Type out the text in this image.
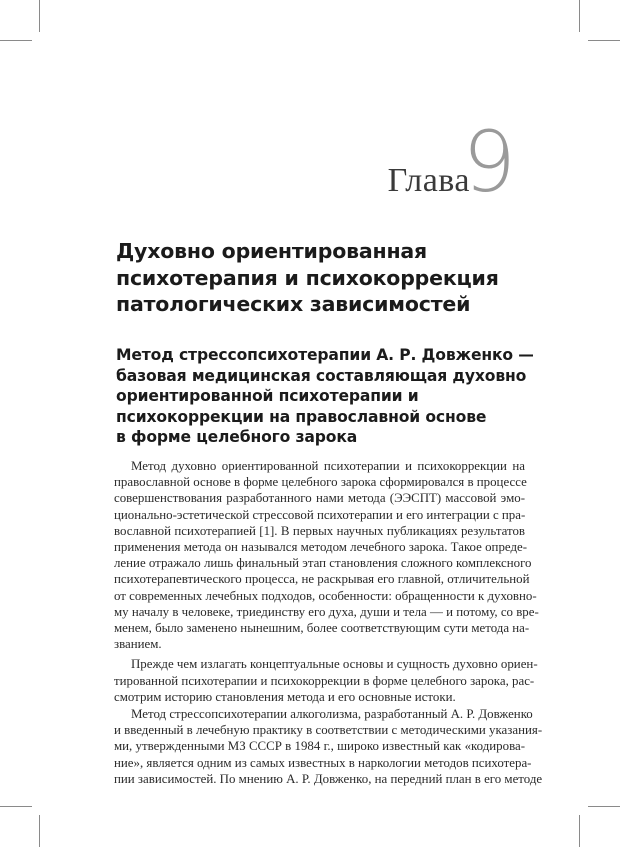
Глава
9
Духовно ориентированная
психотерапия и психокоррекция
патологических зависимостей
Метод стрессопсихотерапии А. Р. Довженко —
базовая медицинская составляющая духовно
ориентированной психотерапии и
психокоррекции на православной основе
в форме целебного зарока

Метод духовно ориентированной психотерапии и психокоррекции на
православной основе в форме целебного зарока сформировался в процессе
совершенствования разработанного нами метода (ЭЭСПТ) массовой эмо-
ционально-эстетической стрессовой психотерапии и его интеграции с пра-
вославной психотерапией [1]. В первых научных публикациях результатов
применения метода он назывался методом лечебного зарока. Такое опреде-
ление отражало лишь финальный этап становления сложного комплексного
психотерапевтического процесса, не раскрывая его главной, отличительной
от современных лечебных подходов, особенности: обращенности к духовно-
му началу в человеке, триединству его духа, души и тела — и потому, со вре-
менем, было заменено нынешним, более соответствующим сути метода на-
званием.

Прежде чем излагать концептуальные основы и сущность духовно ориен-
тированной психотерапии и психокоррекции в форме целебного зарока, рас-
смотрим историю становления метода и его основные истоки.

Метод стрессопсихотерапии алкоголизма, разработанный А. Р. Довженко
и введенный в лечебную практику в соответствии с методическими указания-
ми, утвержденными МЗ СССР в 1984 г., широко известный как «кодирова-
ние», является одним из самых известных в наркологии методов психотера-
пии зависимостей. По мнению А. Р. Довженко, на передний план в его методе
